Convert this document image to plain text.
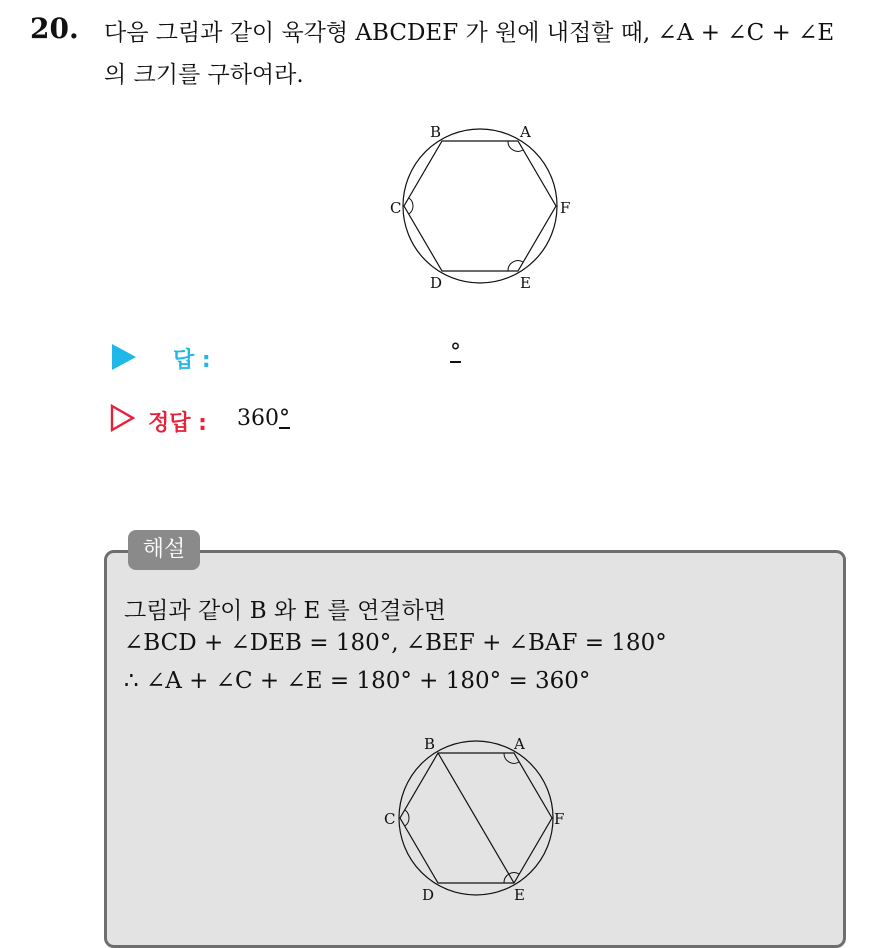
20. 다음 그림과 같이 육각형 ABCDEF 가 원에 내접할 때, ∠A + ∠C + ∠E
의 크기를 구하여라.
B	A
C	F
D	E
답 :	°
정답 : 360°
해설
그림과 같이 B 와 E 를 연결하면
∠BCD + ∠DEB = 180°, ∠BEF + ∠BAF = 180°
∴ ∠A + ∠C + ∠E = 180° + 180° = 360°
B	A
C	F
D	E
